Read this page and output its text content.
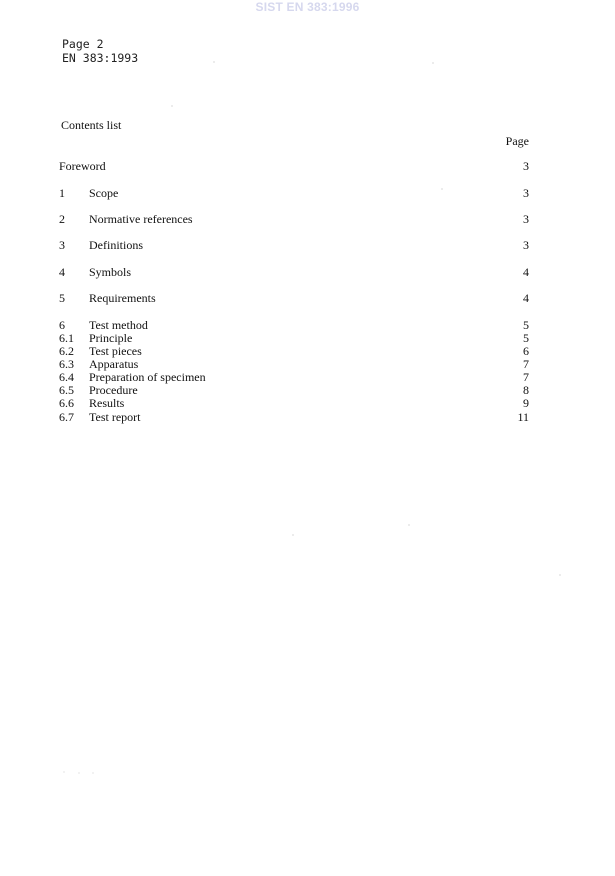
SIST EN 383:1996
Page 2
EN 383:1993
Contents list
Page
Foreword	3
1 Scope	3
2 Normative references	3
3 Definitions	3
4 Symbols	4
5 Requirements	4
6 Test method	5
6.1 Principle	5
6.2 Test pieces	6
6.3 Apparatus	7
6.4 Preparation of specimen	7
6.5 Procedure	8
6.6 Results	9
6.7 Test report	11
